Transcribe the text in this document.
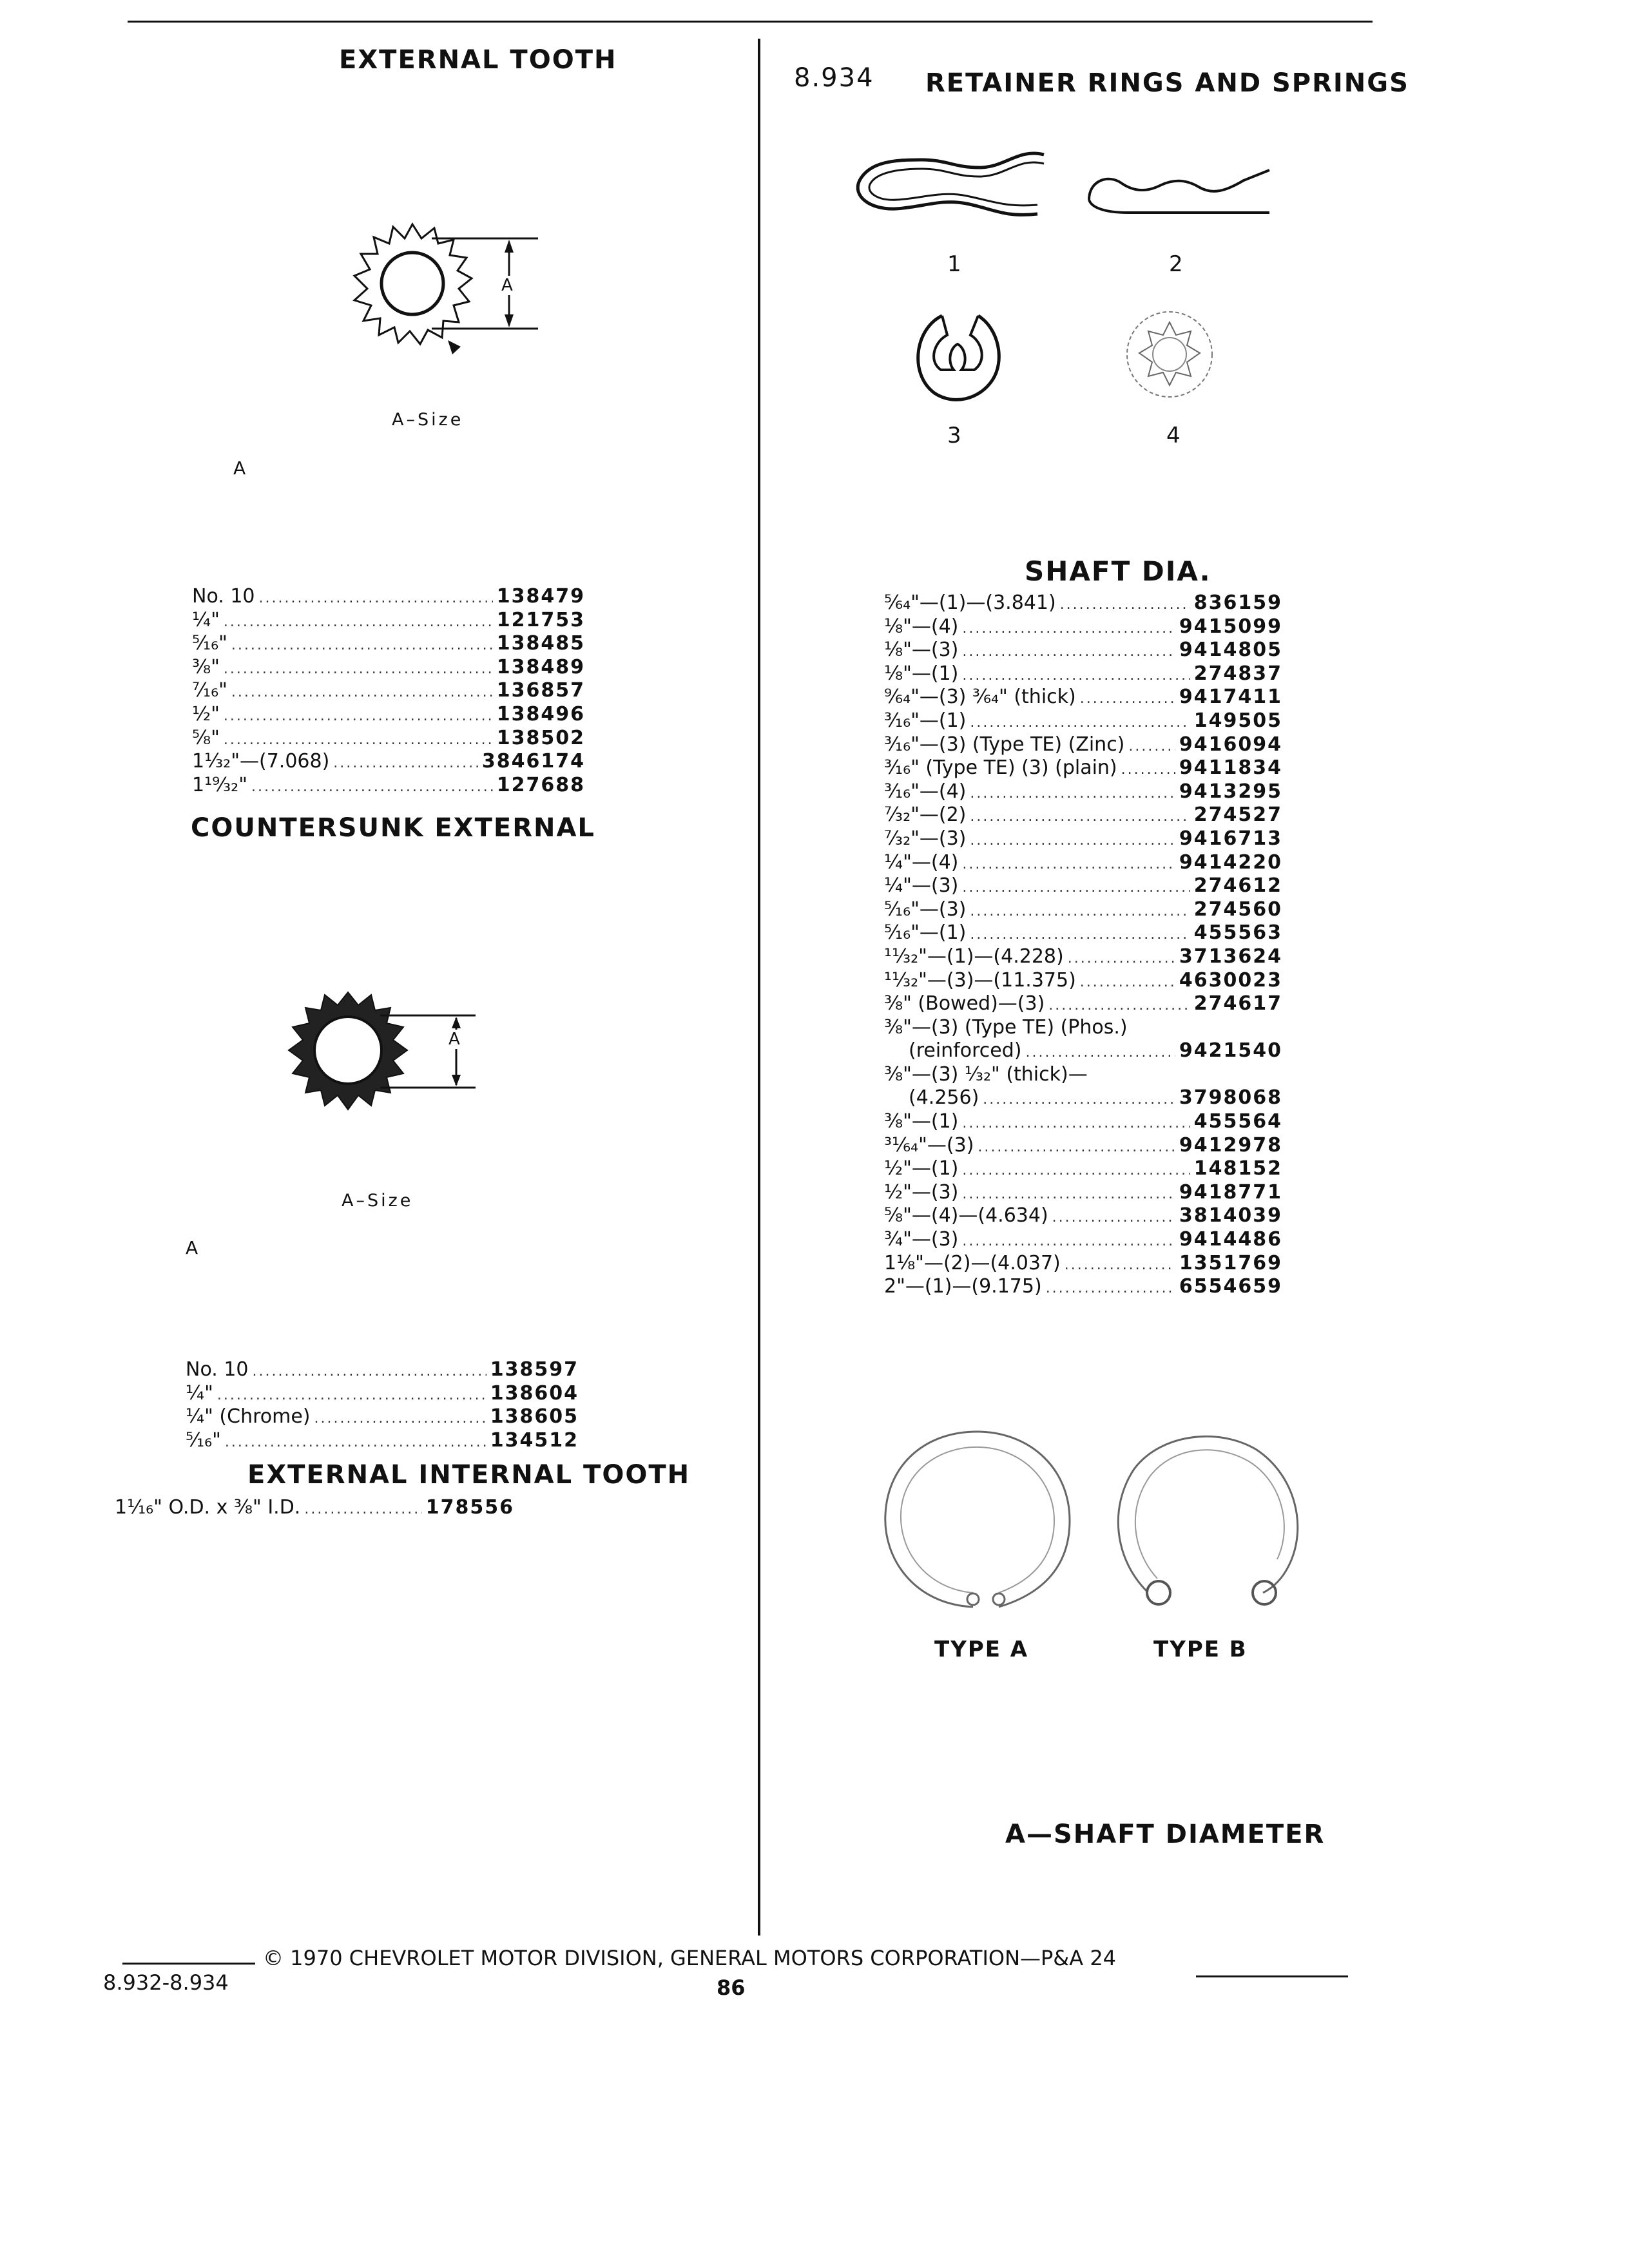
EXTERNAL TOOTH
A
A–Size
A
No. 10 .....	138479
¼" .....	121753
⁵⁄₁₆" .....	138485
⅜" .....	138489
⁷⁄₁₆" .....	136857
½" .....	138496
⅝" .....	138502
1⅓₂"—(7.068) .....	3846174
1¹⁹⁄₃₂" .....	127688
COUNTERSUNK EXTERNAL
A
A–Size
A
No. 10 .....	138597
¼" .....	138604
¼" (Chrome) .....	138605
⁵⁄₁₆" .....	134512
EXTERNAL INTERNAL TOOTH
1¹⁄₁₆" O.D. x ⅜" I.D. .....	178556
8.934 RETAINER RINGS AND SPRINGS
1	2
3	4
SHAFT DIA.
⁵⁄₆₄"—(1)—(3.841) .....	836159
⅛"—(4) .....	9415099
⅛"—(3) .....	9414805
⅛"—(1) .....	274837
⁹⁄₆₄"—(3) ³⁄₆₄" (thick) .....	9417411
³⁄₁₆"—(1) .....	149505
³⁄₁₆"—(3) (Type TE) (Zinc) .....	9416094
³⁄₁₆" (Type TE) (3) (plain) .....	9411834
³⁄₁₆"—(4) .....	9413295
⁷⁄₃₂"—(2) .....	274527
⁷⁄₃₂"—(3) .....	9416713
¼"—(4) .....	9414220
¼"—(3) .....	274612
⁵⁄₁₆"—(3) .....	274560
⁵⁄₁₆"—(1) .....	455563
¹¹⁄₃₂"—(1)—(4.228) .....	3713624
¹¹⁄₃₂"—(3)—(11.375) .....	4630023
⅜" (Bowed)—(3) .....	274617
⅜"—(3) (Type TE) (Phos.)
(reinforced) .....	9421540
⅜"—(3) ¹⁄₃₂" (thick)—
(4.256) .....	3798068
⅜"—(1) .....	455564
³¹⁄₆₄"—(3) .....	9412978
½"—(1) .....	148152
½"—(3) .....	9418771
⅝"—(4)—(4.634) .....	3814039
¾"—(3) .....	9414486
1⅛"—(2)—(4.037) .....	1351769
2"—(1)—(9.175) .....	6554659
TYPE A	TYPE B
A—SHAFT DIAMETER
© 1970 CHEVROLET MOTOR DIVISION, GENERAL MOTORS CORPORATION—P&A 24
8.932-8.934	86
